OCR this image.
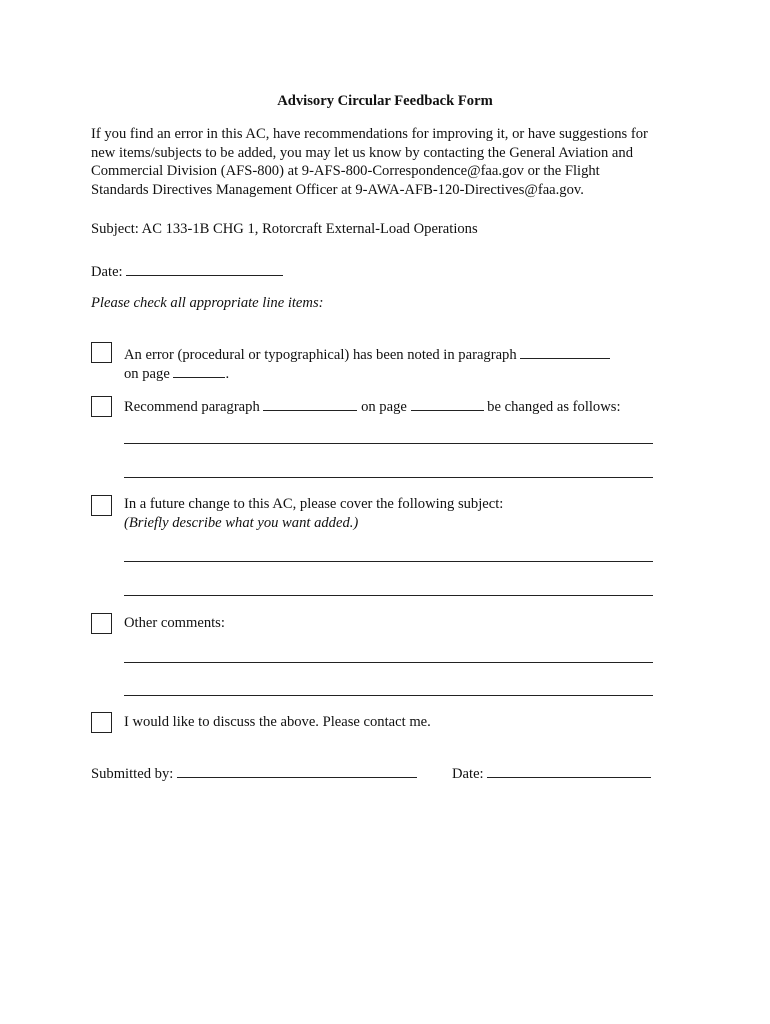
Advisory Circular Feedback Form

If you find an error in this AC, have recommendations for improving it, or have suggestions for

new items/subjects to be added, you may let us know by contacting the General Aviation and

Commercial Division (AFS-800) at 9-AFS-800-Correspondence@faa.gov or the Flight

Standards Directives Management Officer at 9-AWA-AFB-120-Directives@faa.gov.

Subject: AC 133-1B CHG 1, Rotorcraft External-Load Operations
Date:
Please check all appropriate line items:
An error (procedural or typographical) has been noted in paragraph
on page	.
Recommend paragraph	on page	be changed as follows:
In a future change to this AC, please cover the following subject:
(Briefly describe what you want added.)
Other comments:
I would like to discuss the above. Please contact me.
Submitted by:	Date:
